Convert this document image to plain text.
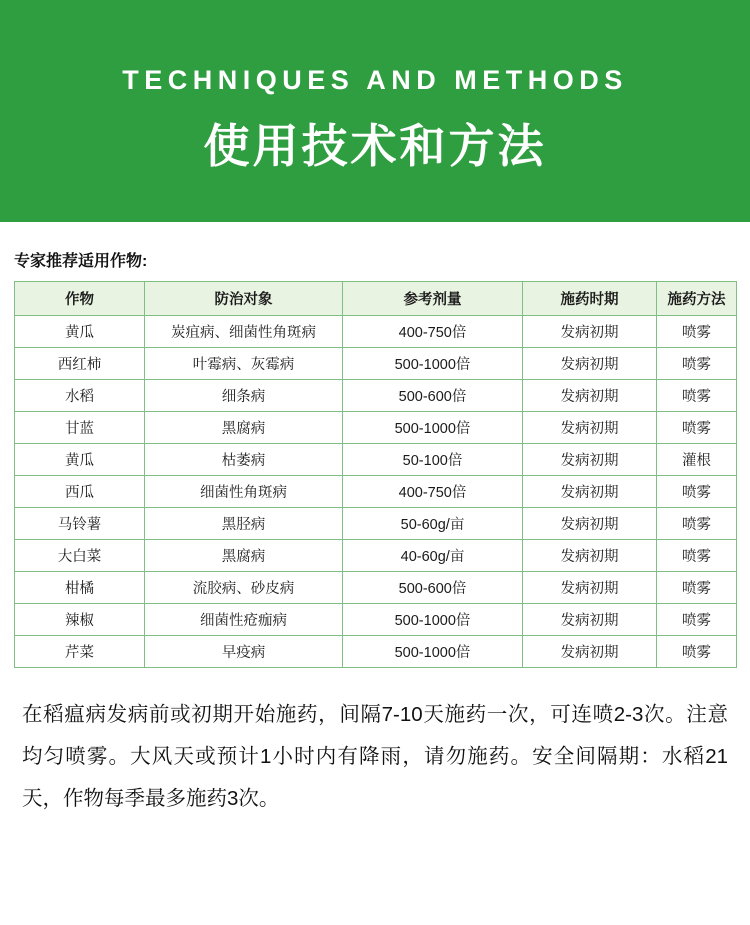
TECHNIQUES AND METHODS
使用技术和方法
专家推荐适用作物:
作物	防治对象	参考剂量	施药时期	施药方法
黄瓜	炭疽病、细菌性角斑病	400-750倍	发病初期	喷雾
西红柿	叶霉病、灰霉病	500-1000倍	发病初期	喷雾
水稻	细条病	500-600倍	发病初期	喷雾
甘蓝	黑腐病	500-1000倍	发病初期	喷雾
黄瓜	枯萎病	50-100倍	发病初期	灌根
西瓜	细菌性角斑病	400-750倍	发病初期	喷雾
马铃薯	黑胫病	50-60g/亩	发病初期	喷雾
大白菜	黑腐病	40-60g/亩	发病初期	喷雾
柑橘	流胶病、砂皮病	500-600倍	发病初期	喷雾
辣椒	细菌性疮痂病	500-1000倍	发病初期	喷雾
芹菜	早疫病	500-1000倍	发病初期	喷雾
在稻瘟病发病前或初期开始施药，间隔7-10天施药一次，可连喷2-3次。注意均匀喷雾。大风天或预计1小时内有降雨，请勿施药。安全间隔期：水稻21天，作物每季最多施药3次。
